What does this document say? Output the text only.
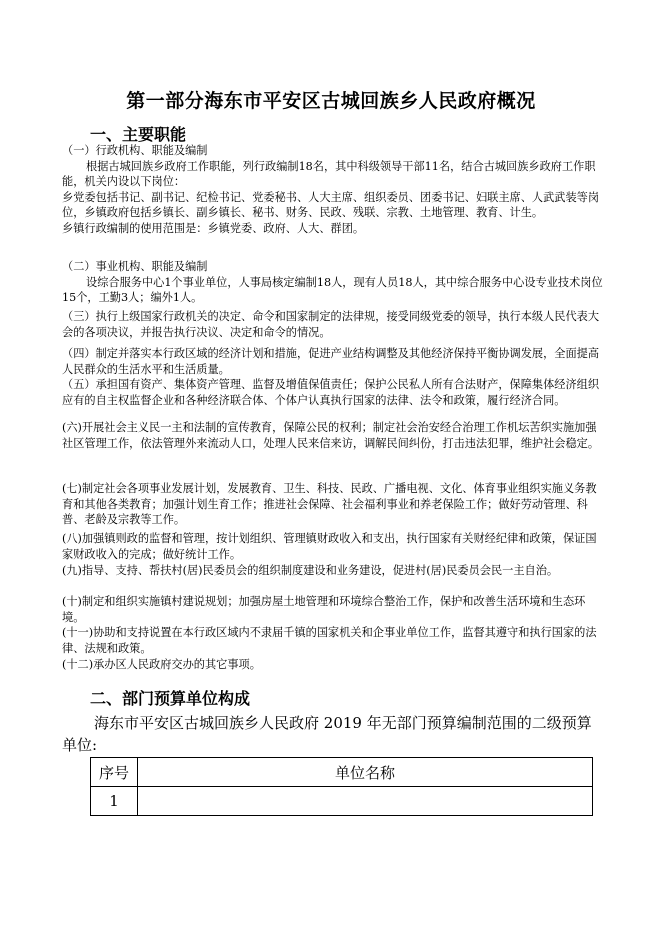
第一部分海东市平安区古城回族乡人民政府概况
一、主要职能

（一）行政机构、职能及编制

根据古城回族乡政府工作职能，列行政编制18名，其中科级领导干部11名，结合古城回族乡政府工作职能，机关内设以下岗位：

乡党委包括书记、副书记、纪检书记、党委秘书、人大主席、组织委员、团委书记、妇联主席、人武武装等岗位，乡镇政府包括乡镇长、副乡镇长、秘书、财务、民政、残联、宗教、土地管理、教育、计生。

乡镇行政编制的使用范围是：乡镇党委、政府、人大、群团。

（二）事业机构、职能及编制

设综合服务中心1个事业单位，人事局核定编制18人，现有人员18人，其中综合服务中心设专业技术岗位15个，工勤3人；编外1人。

（三）执行上级国家行政机关的决定、命令和国家制定的法律规，接受同级党委的领导，执行本级人民代表大会的各项决议，并报告执行决议、决定和命令的情况。
（四）制定并落实本行政区域的经济计划和措施，促进产业结构调整及其他经济保持平衡协调发展，全面提高人民群众的生活水平和生活质量。
（五）承担国有资产、集体资产管理、监督及增值保值责任；保护公民私人所有合法财产，保障集体经济组织应有的自主权监督企业和各种经济联合体、个体户认真执行国家的法律、法令和政策，履行经济合同。
(六)开展社会主义民一主和法制的宣传教育，保障公民的权利；制定社会治安经合治理工作机坛苦织实施加强社区管理工作，依法管理外来流动人口，处理人民来信来访，调解民间纠份，打击违法犯罪，维护社会稳定。
(七)制定社会各项事业发展计划，发展教育、卫生、科技、民政、广播电视、文化、体育事业组织实施义务教育和其他各类教育；加强计划生育工作；推进社会保障、社会福利事业和养老保险工作；做好劳动管理、科普、老龄及宗教等工作。
(八)加强镇则政的监督和管理，按计划组织、管理镇财政收入和支出，执行国家有关财经纪律和政策，保证国家财政收入的完成；做好统计工作。
(九)指导、支持、帮扶村(居)民委员会的组织制度建设和业务建设，促进村(居)民委员会民一主自治。
(十)制定和组织实施镇村建说规划；加强房屋土地管理和环境综合整治工作，保护和改善生活环境和生态环境。
(十一)协助和支持说置在本行政区域内不隶届千镇的国家机关和企事业单位工作，监督其遵守和执行国家的法律、法规和政策。
(十二)承办区人民政府交办的其它事项。
二、部门预算单位构成
海东市平安区古城回族乡人民政府 2019 年无部门预算编制范围的二级预算单位:
序号	单位名称
1	
